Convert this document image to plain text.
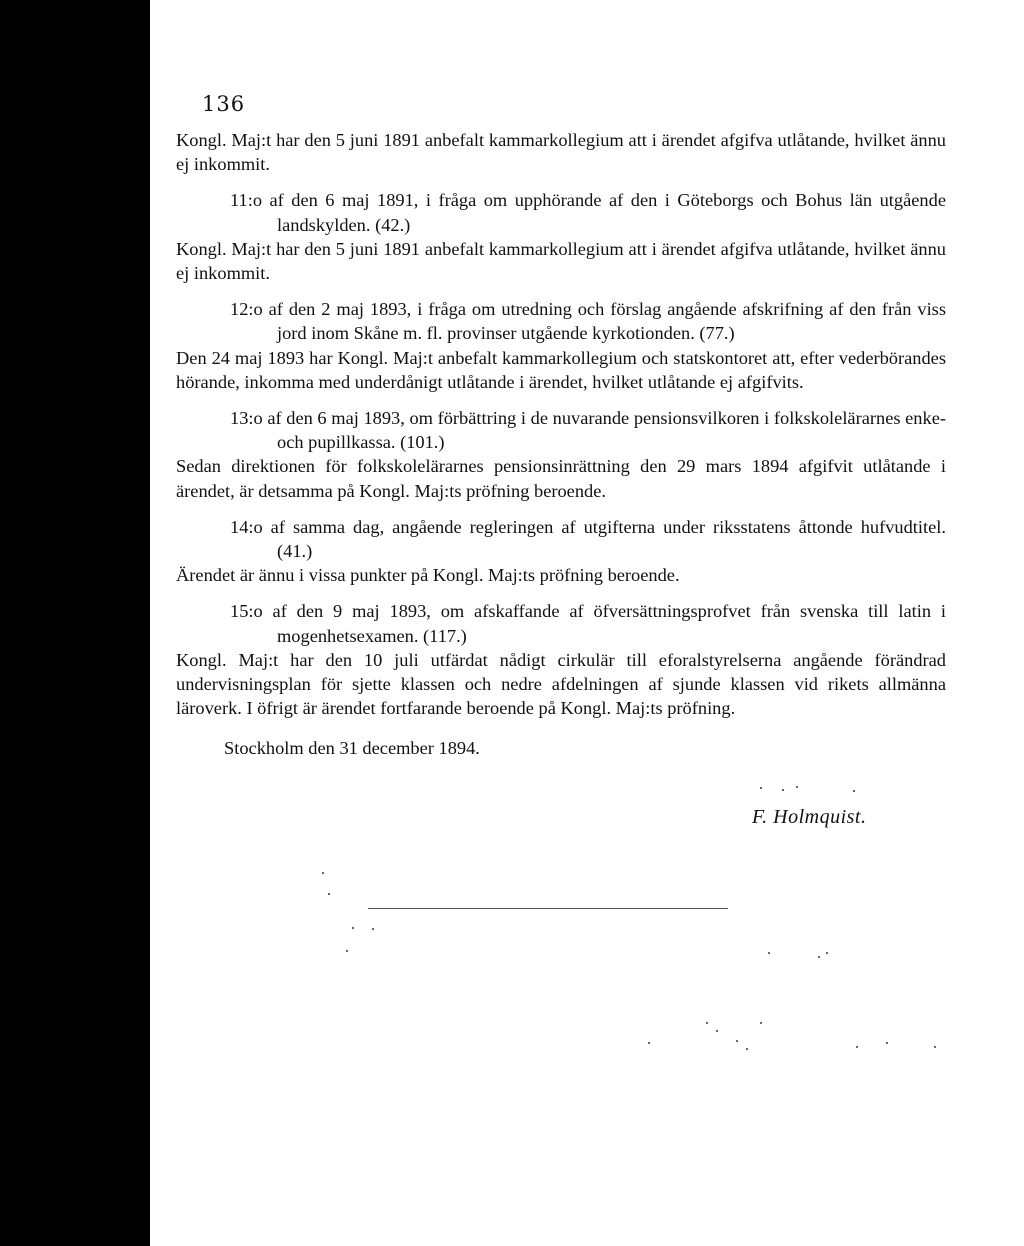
136

Kongl. Maj:t har den 5 juni 1891 anbefalt kammarkollegium att i ärendet afgifva utlåtande, hvilket ännu ej inkommit.

11:o af den 6 maj 1891, i fråga om upphörande af den i Göteborgs och Bohus län utgående landskylden. (42.)

Kongl. Maj:t har den 5 juni 1891 anbefalt kammarkollegium att i ärendet afgifva utlåtande, hvilket ännu ej inkommit.

12:o af den 2 maj 1893, i fråga om utredning och förslag angående afskrifning af den från viss jord inom Skåne m. fl. provinser utgående kyrkotionden. (77.)

Den 24 maj 1893 har Kongl. Maj:t anbefalt kammarkollegium och statskontoret att, efter vederbörandes hörande, inkomma med underdånigt utlåtande i ärendet, hvilket utlåtande ej afgifvits.

13:o af den 6 maj 1893, om förbättring i de nuvarande pensionsvilkoren i folkskolelärarnes enke- och pupillkassa. (101.)

Sedan direktionen för folkskolelärarnes pensionsinrättning den 29 mars 1894 afgifvit utlåtande i ärendet, är detsamma på Kongl. Maj:ts pröfning beroende.

14:o af samma dag, angående regleringen af utgifterna under riksstatens åttonde hufvudtitel. (41.)

Ärendet är ännu i vissa punkter på Kongl. Maj:ts pröfning beroende.

15:o af den 9 maj 1893, om afskaffande af öfversättningsprofvet från svenska till latin i mogenhetsexamen. (117.)

Kongl. Maj:t har den 10 juli utfärdat nådigt cirkulär till eforalstyrelserna angående förändrad undervisningsplan för sjette klassen och nedre afdelningen af sjunde klassen vid rikets allmänna läroverk. I öfrigt är ärendet fortfarande beroende på Kongl. Maj:ts pröfning.

Stockholm den 31 december 1894.

F. Holmquist.
